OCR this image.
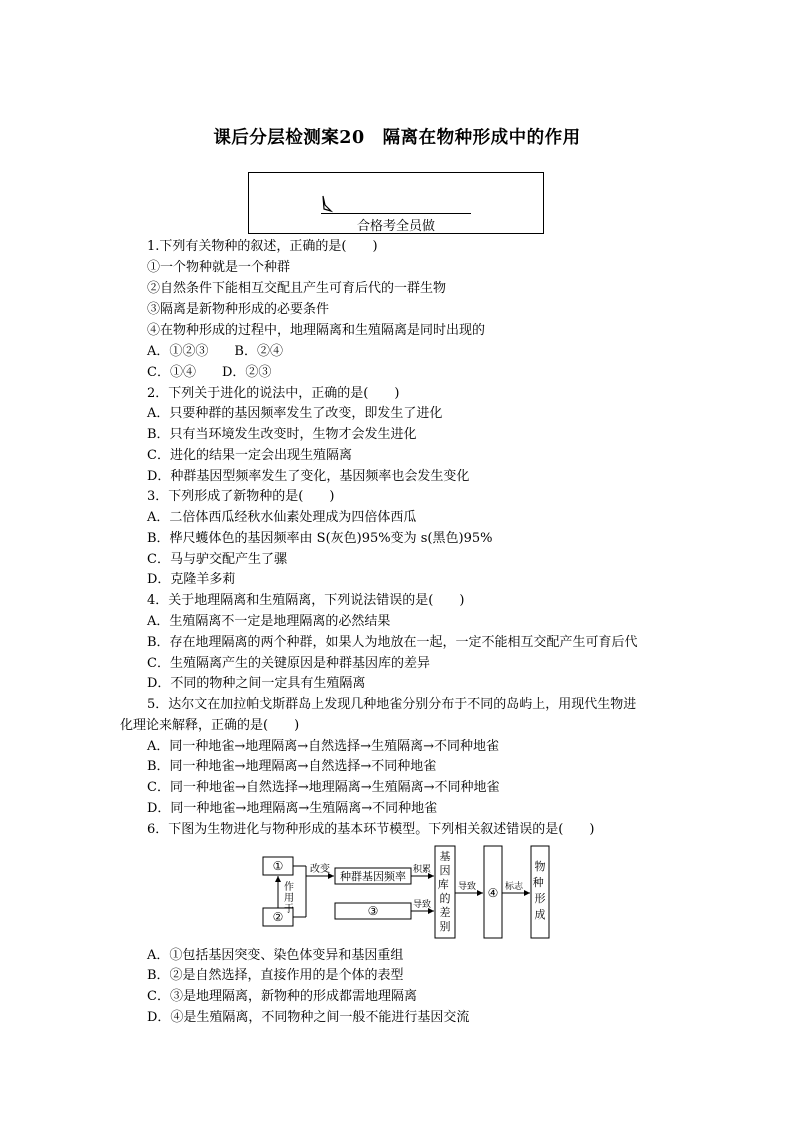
课后分层检测案20　隔离在物种形成中的作用
合格考全员做
1.下列有关物种的叙述，正确的是(　　)
①一个物种就是一个种群
②自然条件下能相互交配且产生可育后代的一群生物
③隔离是新物种形成的必要条件
④在物种形成的过程中，地理隔离和生殖隔离是同时出现的
A．①②③　　B．②④
C．①④　　D．②③
2．下列关于进化的说法中，正确的是(　　)
A．只要种群的基因频率发生了改变，即发生了进化
B．只有当环境发生改变时，生物才会发生进化
C．进化的结果一定会出现生殖隔离
D．种群基因型频率发生了变化，基因频率也会发生变化
3．下列形成了新物种的是(　　)
A．二倍体西瓜经秋水仙素处理成为四倍体西瓜
B．桦尺蠖体色的基因频率由 S(灰色)95%变为 s(黑色)95%
C．马与驴交配产生了骡
D．克隆羊多莉
4．关于地理隔离和生殖隔离，下列说法错误的是(　　)
A．生殖隔离不一定是地理隔离的必然结果
B．存在地理隔离的两个种群，如果人为地放在一起，一定不能相互交配产生可育后代
C．生殖隔离产生的关键原因是种群基因库的差异
D．不同的物种之间一定具有生殖隔离
5．达尔文在加拉帕戈斯群岛上发现几种地雀分别分布于不同的岛屿上，用现代生物进
化理论来解释，正确的是(　　)
A．同一种地雀→地理隔离→自然选择→生殖隔离→不同种地雀
B．同一种地雀→地理隔离→自然选择→不同种地雀
C．同一种地雀→自然选择→地理隔离→生殖隔离→不同种地雀
D．同一种地雀→地理隔离→生殖隔离→不同种地雀
6．下图为生物进化与物种形成的基本环节模型。下列相关叙述错误的是(　　)
A．①包括基因突变、染色体变异和基因重组
B．②是自然选择，直接作用的是个体的表型
C．③是地理隔离，新物种的形成都需地理隔离
D．④是生殖隔离，不同物种之间一般不能进行基因交流
①
②
作 用 于
改变
种群基因频率 积累
③	导致
基因库 的差别
导致 ④ 标志
物种 形成
